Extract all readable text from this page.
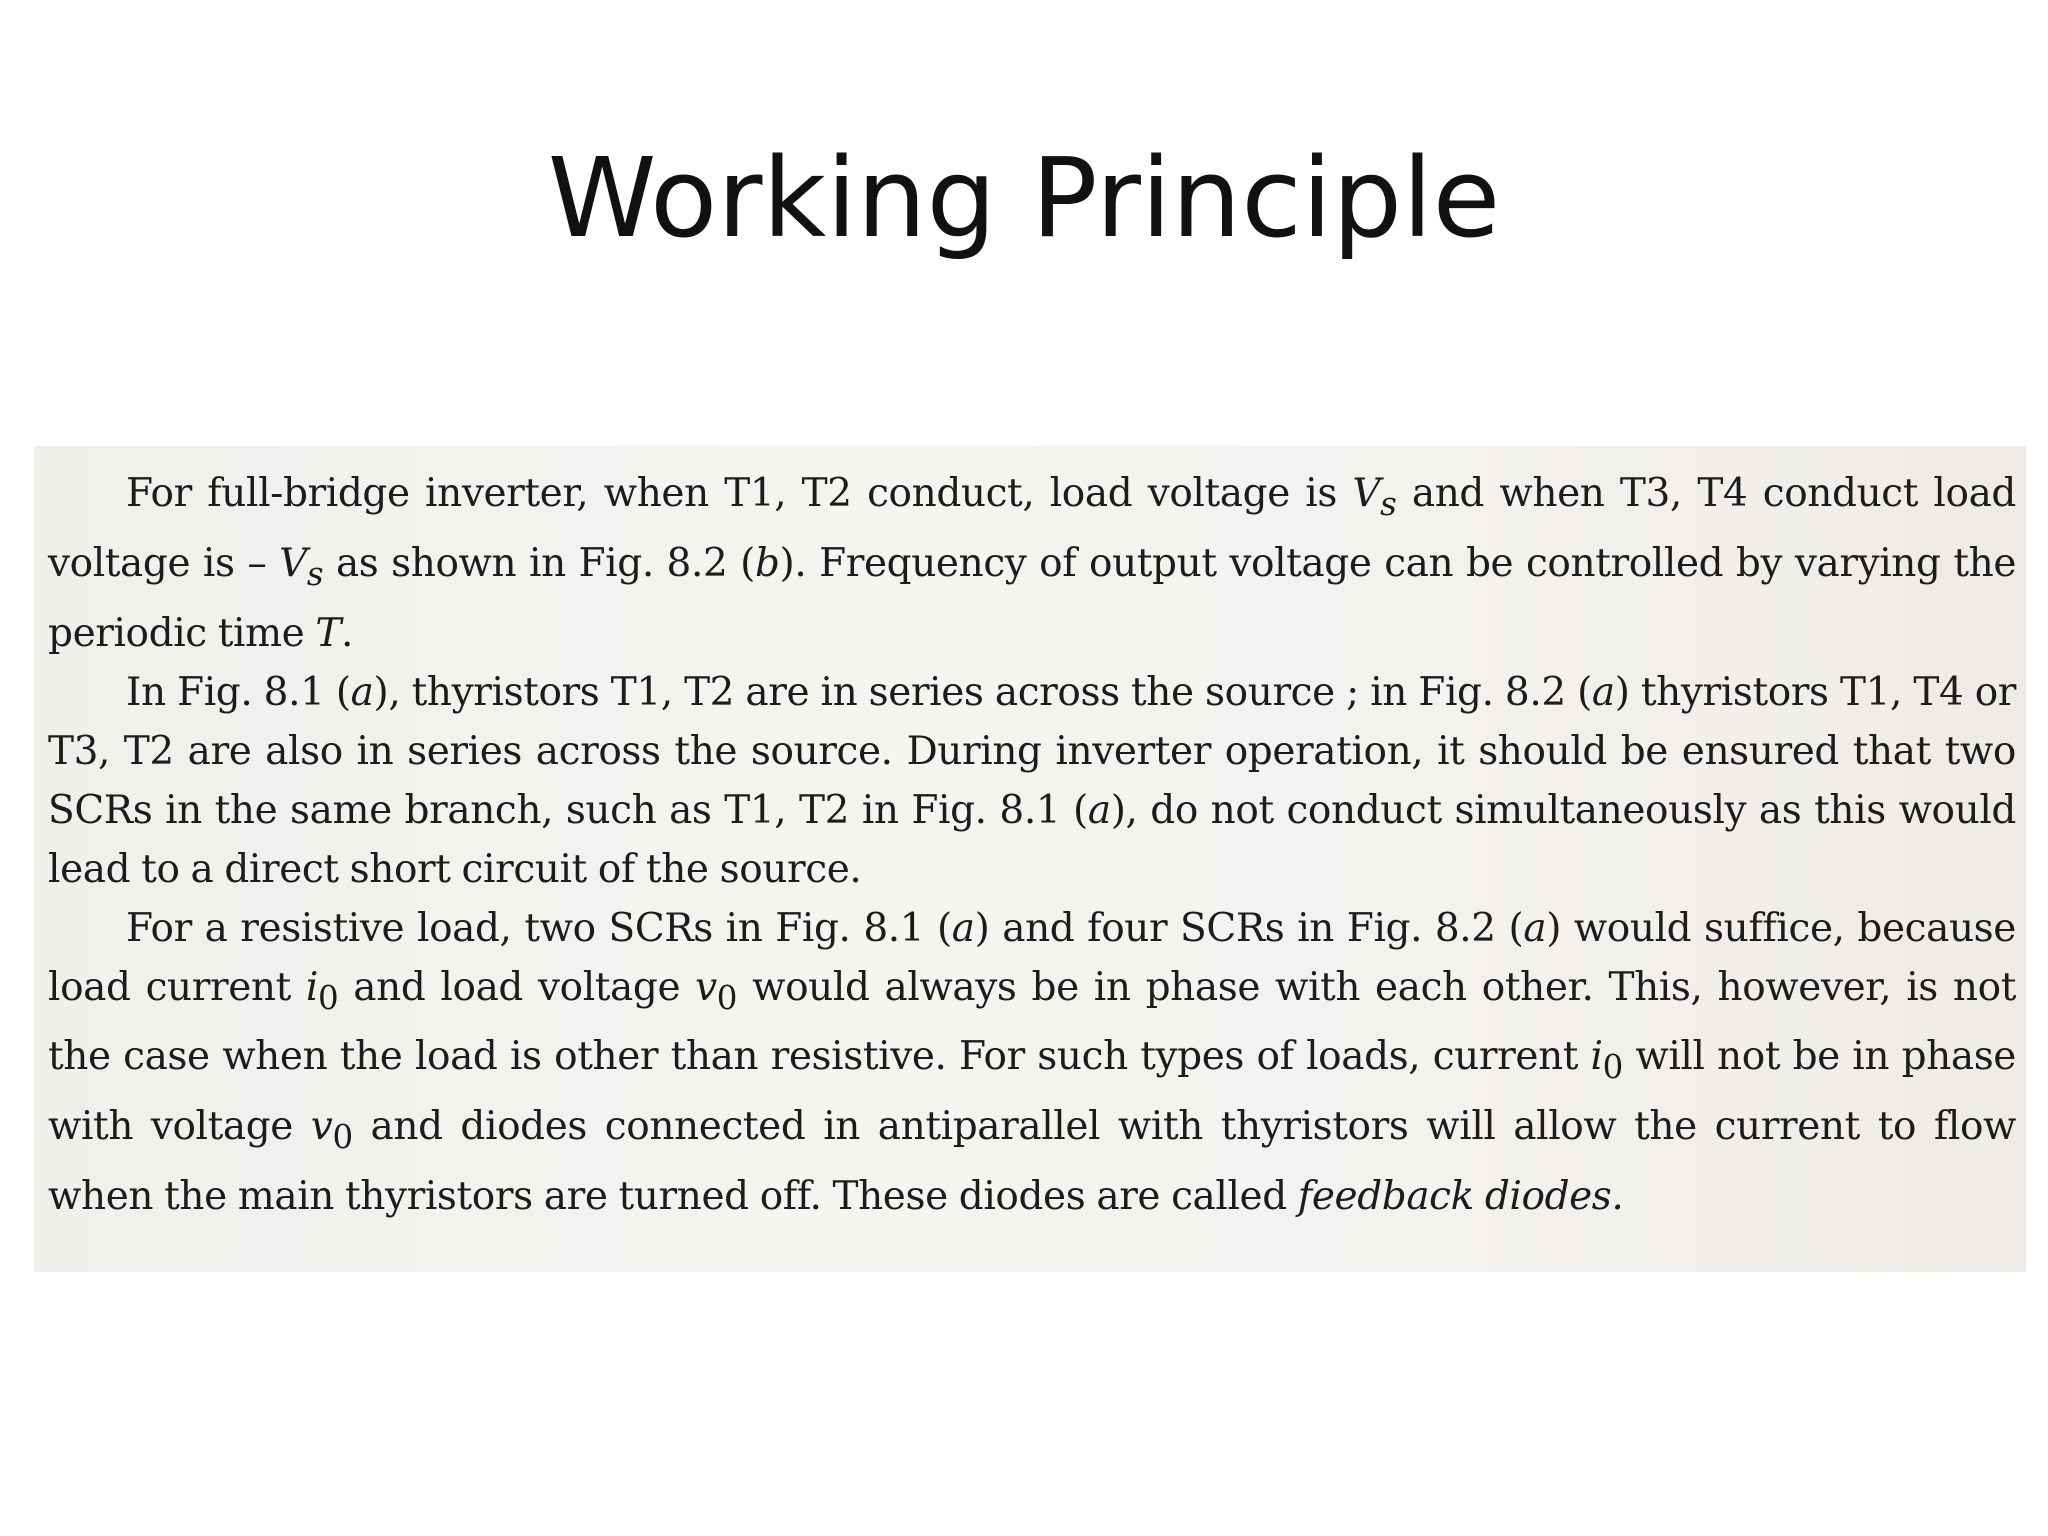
Working Principle

For full-bridge inverter, when T1, T2 conduct, load voltage is $V_s$ and when T3, T4 conduct load voltage is – $V_s$ as shown in Fig. 8.2 (b). Frequency of output voltage can be controlled by varying the periodic time T.

In Fig. 8.1 (a), thyristors T1, T2 are in series across the source ; in Fig. 8.2 (a) thyristors T1, T4 or T3, T2 are also in series across the source. During inverter operation, it should be ensured that two SCRs in the same branch, such as T1, T2 in Fig. 8.1 (a), do not conduct simultaneously as this would lead to a direct short circuit of the source.

For a resistive load, two SCRs in Fig. 8.1 (a) and four SCRs in Fig. 8.2 (a) would suffice, because load current $i_0$ and load voltage $v_0$ would always be in phase with each other. This, however, is not the case when the load is other than resistive. For such types of loads, current $i_0$ will not be in phase with voltage $v_0$ and diodes connected in antiparallel with thyristors will allow the current to flow when the main thyristors are turned off. These diodes are called feedback diodes.
